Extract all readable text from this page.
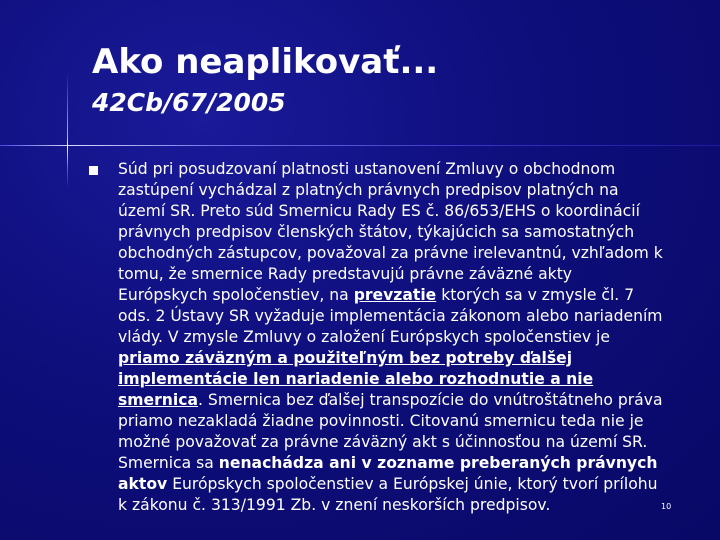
Ako neaplikovať...
42Cb/67/2005
Súd pri posudzovaní platnosti ustanovení Zmluvy o obchodnom
zastúpení vychádzal z platných právnych predpisov platných na
území SR. Preto súd Smernicu Rady ES č. 86/653/EHS o koordinácií
právnych predpisov členských štátov, týkajúcich sa samostatných
obchodných zástupcov, považoval za právne irelevantnú, vzhľadom k
tomu, že smernice Rady predstavujú právne záväzné akty
Európskych spoločenstiev, na prevzatie ktorých sa v zmysle čl. 7
ods. 2 Ústavy SR vyžaduje implementácia zákonom alebo nariadením
vlády. V zmysle Zmluvy o založení Európskych spoločenstiev je
priamo záväzným a použiteľným bez potreby ďalšej
implementácie len nariadenie alebo rozhodnutie a nie
smernica. Smernica bez ďalšej transpozície do vnútroštátneho práva
priamo nezakladá žiadne povinnosti. Citovanú smernicu teda nie je
možné považovať za právne záväzný akt s účinnosťou na území SR.
Smernica sa nenachádza ani v zozname preberaných právnych
aktov Európskych spoločenstiev a Európskej únie, ktorý tvorí prílohu
k zákonu č. 313/1991 Zb. v znení neskorších predpisov.	10
